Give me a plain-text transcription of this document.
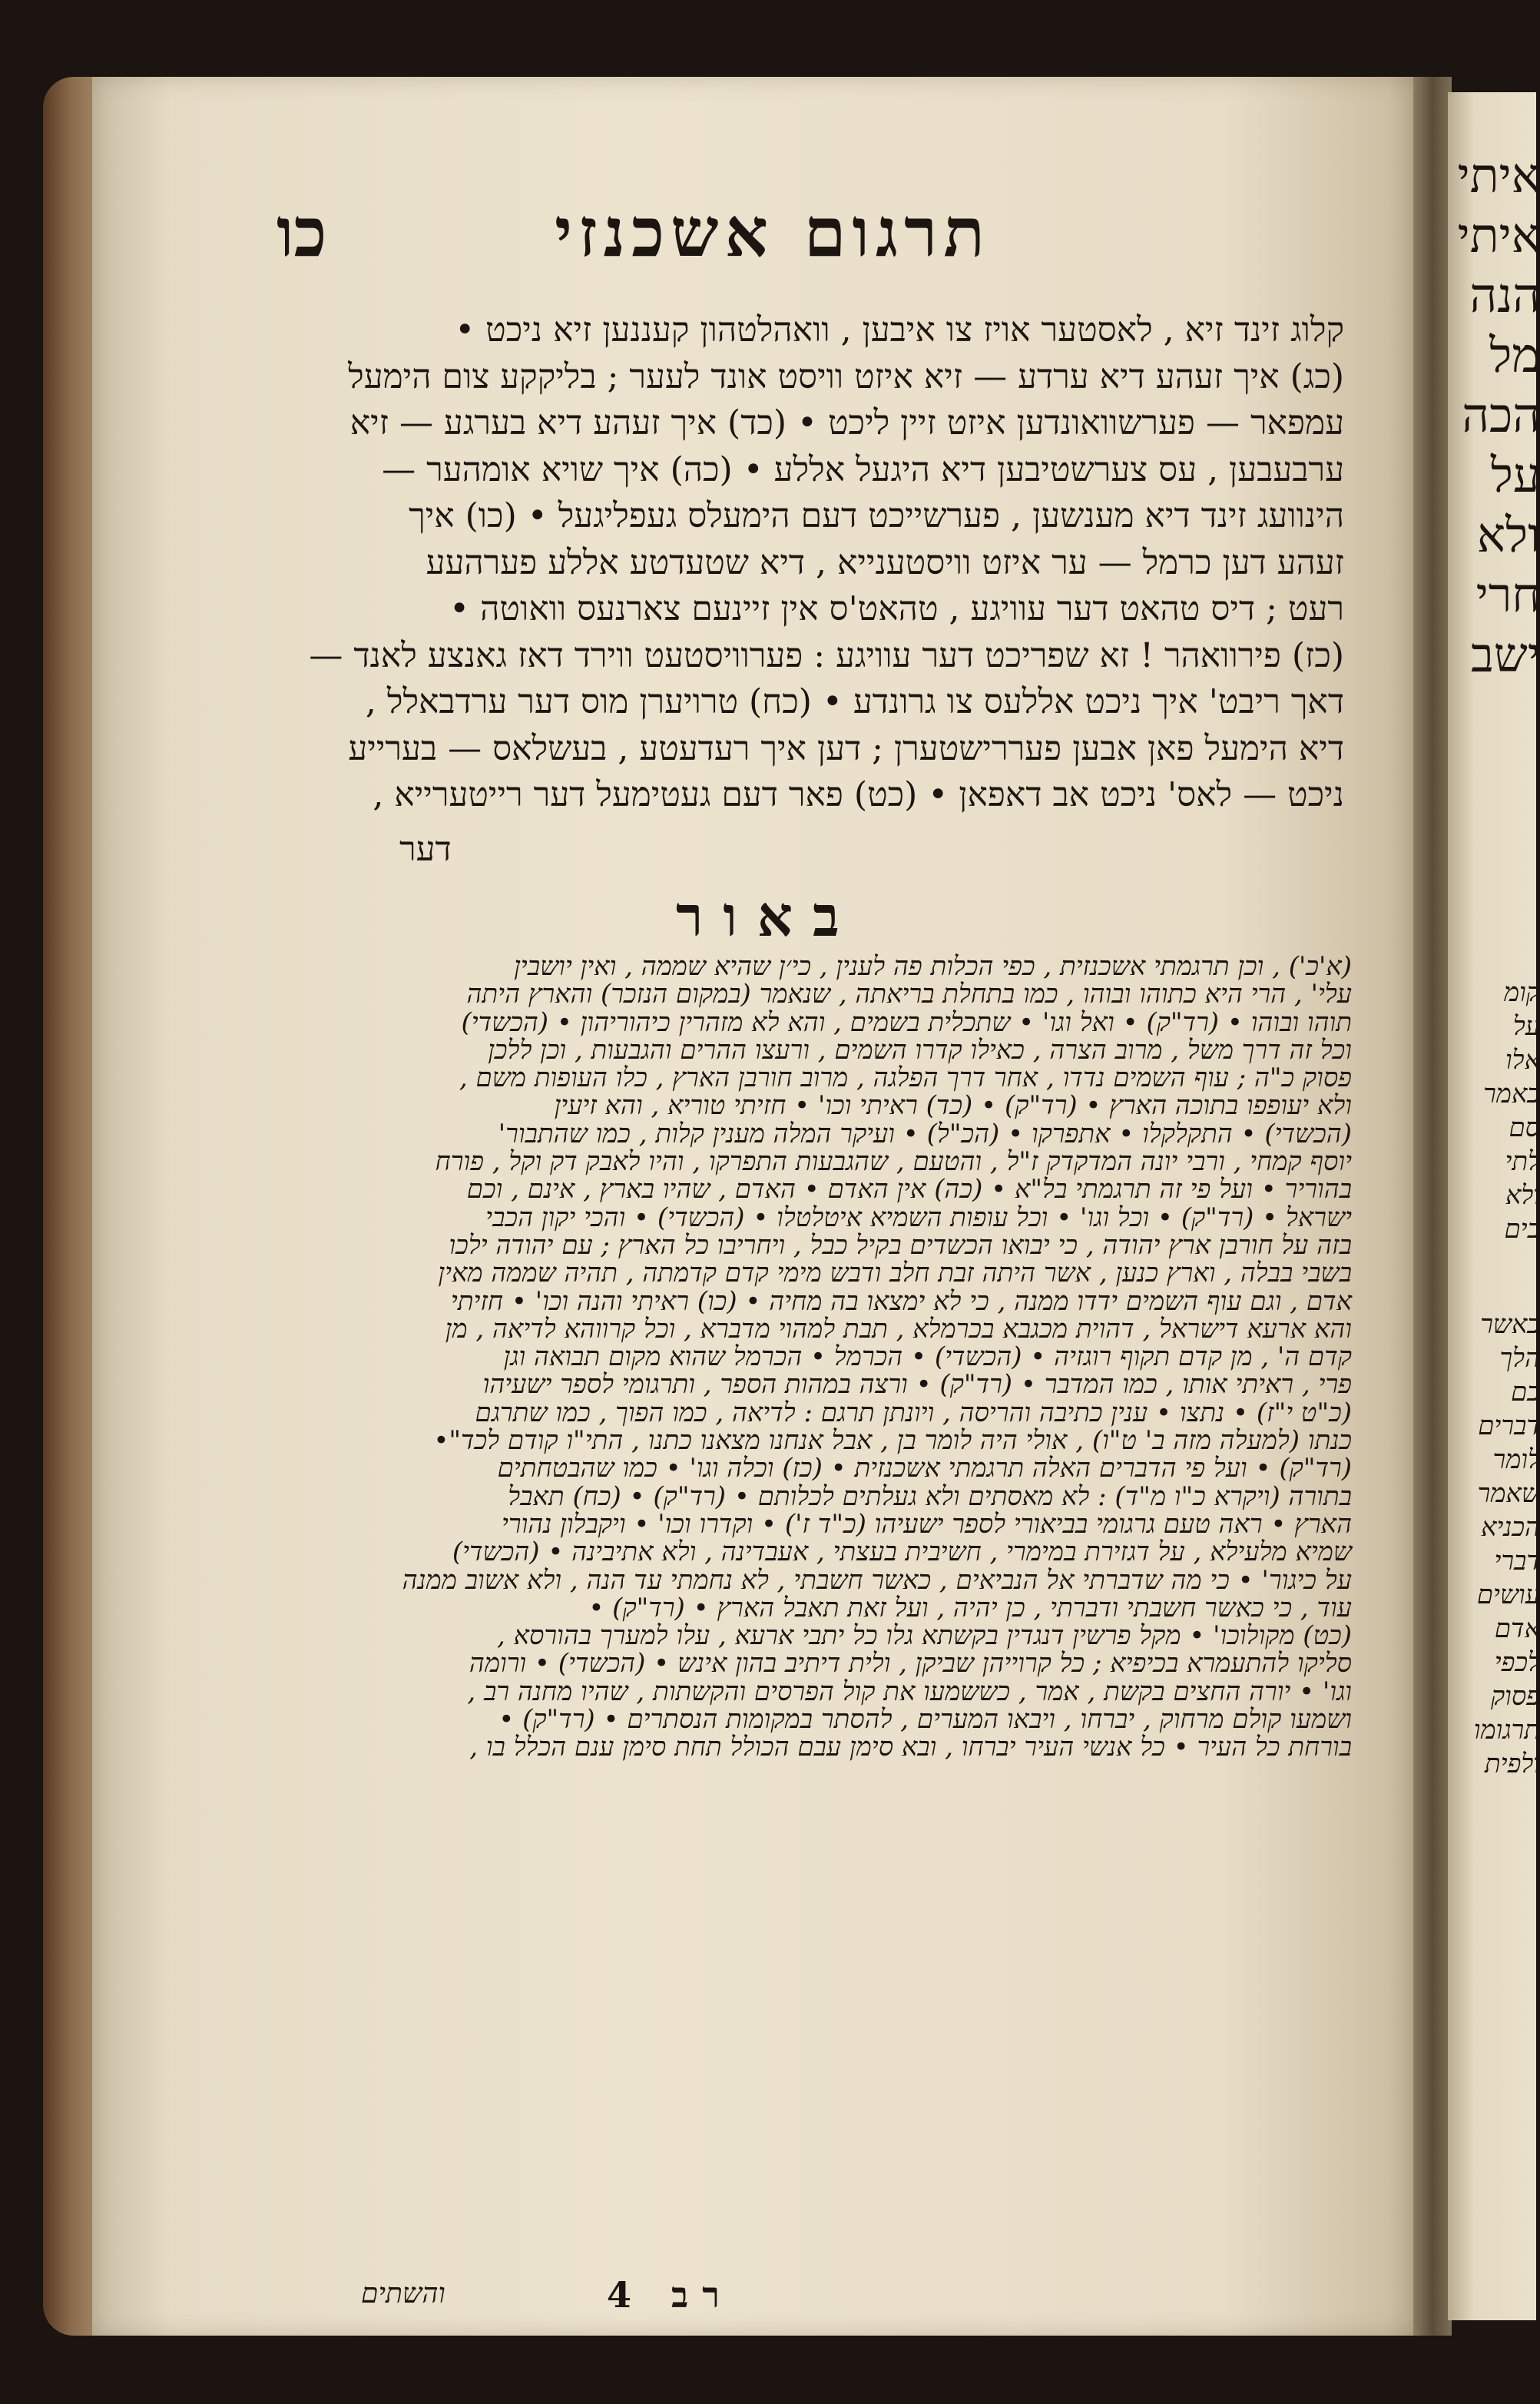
איתי
איתי
הנה
מל
הכה
על
ולא
חרי
ישב
קומ
על
אלו
כאמר
סם
לתי
ולא
בים
כאשר
הלך
כם
דברים
לומר
שאמר
הכניא
דברי
עושים
אדם
לכפי
פסוק
תרגומו
ולפית
תרגום אשכנזי
כו
קלוג זינד זיא , לאסטער אויז צו איבען , וואהלטהון קעננען זיא ניכט •
(כג) איך זעהע דיא ערדע — זיא איזט וויסט אונד לעער ; בליקקע צום הימעל
עמפאר — פערשוואונדען איזט זיין ליכט • (כד) איך זעהע דיא בערגע — זיא
ערבעבען , עס צערשטיבען דיא היגעל אללע • (כה) איך שויא אומהער —
הינוועג זינד דיא מענשען , פערשייכט דעם הימעלס געפליגעל • (כו) איך
זעהע דען כרמל — ער איזט וויסטענייא , דיא שטעדטע אללע פערהעע
רעט ; דיס טהאט דער עוויגע , טהאט'ס אין זיינעם צארנעס וואוטה •
(כז) פירוואהר ! זא שפריכט דער עוויגע : פערוויסטעט ווירד דאז גאנצע לאנד —
דאך ריבט' איך ניכט אללעס צו גרונדע • (כח) טרויערן מוס דער ערדבאלל ,
דיא הימעל פאן אבען פעררישטערן ; דען איך רעדעטע , בעשלאס — בערייע
ניכט — לאס' ניכט אב דאפאן • (כט) פאר דעם געטימעל דער רייטערייא ,
דער
באור
(א'כ') , וכן תרגמתי אשכנזית , כפי הכלות פה לענין , כי׳ן שהיא שממה , ואין יושבין
עלי' , הרי היא כתוהו ובוהו , כמו בתחלת בריאתה , שנאמר (במקום הנזכר) והארץ היתה
תוהו ובוהו • (רד"ק) • ואל וגו' • שתכלית בשמים , והא לא מזהרין כיהוריהון • (הכשדי)
וכל זה דרך משל , מרוב הצרה , כאילו קדרו השמים , ורעצו ההרים והגבעות , וכן ללכן
פסוק כ"ה ; עוף השמים נדדו , אחר דרך הפלגה , מרוב חורבן הארץ , כלו העופות משם ,
ולא יעופפו בתוכה הארץ • (רד"ק) • (כד) ראיתי וכו' • חזיתי טוריא , והא זיעין
(הכשדי) • התקלקלו • אתפרקו • (הכ"ל) • ועיקר המלה מענין קלות , כמו שהתבור'
יוסף קמחי , ורבי יונה המדקדק ז"ל , והטעם , שהגבעות התפרקו , והיו לאבק דק וקל , פורח
בהוריר • ועל פי זה תרגמתי בל"א • (כה) אין האדם • האדם , שהיו בארץ , אינם , וכם
ישראל • (רד"ק) • וכל וגו' • וכל עופות השמיא איטלטלו • (הכשדי) • והכי יקון הכבי
בזה על חורבן ארץ יהודה , כי יבואו הכשדים בקיל כבל , ויחריבו כל הארץ ; עם יהודה ילכו
בשבי בבלה , וארץ כנען , אשר היתה זבת חלב ודבש מימי קדם קדמתה , תהיה שממה מאין
אדם , וגם עוף השמים ידדו ממנה , כי לא ימצאו בה מחיה • (כו) ראיתי והנה וכו' • חזיתי
והא ארעא דישראל , דהוית מכגבא בכרמלא , תבת למהוי מדברא , וכל קרווהא לדיאה , מן
קדם ה' , מן קדם תקוף רוגזיה • (הכשדי) • הכרמל • הכרמל שהוא מקום תבואה וגן
פרי , ראיתי אותו , כמו המדבר • (רד"ק) • ורצה במהות הספר , ותרגומי לספר ישעיהו
(כ"ט י"ז) • נתצו • ענין כתיבה והריסה , ויונתן תרגם : לדיאה , כמו הפוך , כמו שתרגם
כנתו (למעלה מזה ב' ט"ו) , אולי היה לומר בן , אבל אנחנו מצאנו כתנו , התי"ו קודם לכד"•
(רד"ק) • ועל פי הדברים האלה תרגמתי אשכנזית • (כז) וכלה וגו' • כמו שהבטחתים
בתורה (ויקרא כ"ו מ"ד) : לא מאסתים ולא געלתים לכלותם • (רד"ק) • (כח) תאבל
הארץ • ראה טעם גרגומי בביאורי לספר ישעיהו (כ"ד ז') • וקדרו וכו' • ויקבלון נהורי
שמיא מלעילא , על דגזירת במימרי , חשיבית בעצתי , אעבדינה , ולא אתיבינה • (הכשדי)
על כיגור' • כי מה שדברתי אל הנביאים , כאשר חשבתי , לא נחמתי עד הנה , ולא אשוב ממנה
עוד , כי כאשר חשבתי ודברתי , כן יהיה , ועל זאת תאבל הארץ • (רד"ק) •
(כט) מקולוכו' • מקל פרשין דנגדין בקשתא גלו כל יתבי ארעא , עלו למערך בהורסא ,
סליקו להתעמרא בכיפיא ; כל קרוייהן שביקן , ולית דיתיב בהון אינש • (הכשדי) • ורומה
וגו' • יורה החצים בקשת , אמר , כששמעו את קול הפרסים והקשתות , שהיו מחנה רב ,
ושמעו קולם מרחוק , יברחו , ויבאו המערים , להסתר במקומות הנסתרים • (רד"ק) •
בורחת כל העיר • כל אנשי העיר יברחו , ובא סימן עבם הכולל תחת סימן ענם הכלל בו ,
רב 4
והשתים
